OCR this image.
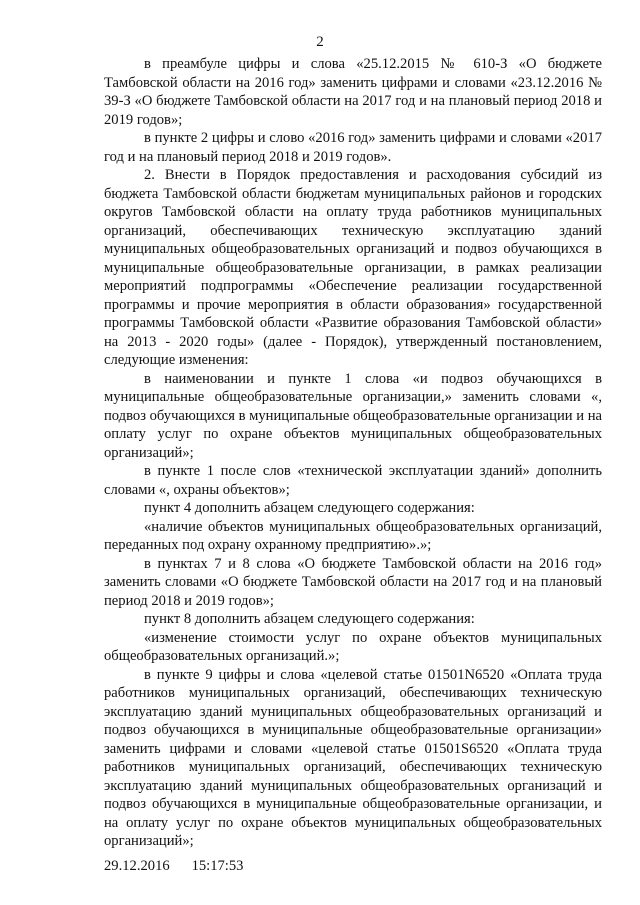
2

в преамбуле цифры и слова «25.12.2015 № 610-З «О бюджете Тамбовской области на 2016 год» заменить цифрами и словами «23.12.2016 № 39-З «О бюджете Тамбовской области на 2017 год и на плановый период 2018 и 2019 годов»;

в пункте 2 цифры и слово «2016 год» заменить цифрами и словами «2017 год и на плановый период 2018 и 2019 годов».

2. Внести в Порядок предоставления и расходования субсидий из бюджета Тамбовской области бюджетам муниципальных районов и городских округов Тамбовской области на оплату труда работников муниципальных организаций, обеспечивающих техническую эксплуатацию зданий муниципальных общеобразовательных организаций и подвоз обучающихся в муниципальные общеобразовательные организации, в рамках реализации мероприятий подпрограммы «Обеспечение реализации государственной программы и прочие мероприятия в области образования» государственной программы Тамбовской области «Развитие образования Тамбовской области» на 2013 - 2020 годы» (далее - Порядок), утвержденный постановлением, следующие изменения:

в наименовании и пункте 1 слова «и подвоз обучающихся в муниципальные общеобразовательные организации,» заменить словами «, подвоз обучающихся в муниципальные общеобразовательные организации и на оплату услуг по охране объектов муниципальных общеобразовательных организаций»;

в пункте 1 после слов «технической эксплуатации зданий» дополнить словами «, охраны объектов»;

пункт 4 дополнить абзацем следующего содержания:

«наличие объектов муниципальных общеобразовательных организаций, переданных под охрану охранному предприятию».»;

в пунктах 7 и 8 слова «О бюджете Тамбовской области на 2016 год» заменить словами «О бюджете Тамбовской области на 2017 год и на плановый период 2018 и 2019 годов»;

пункт 8 дополнить абзацем следующего содержания:

«изменение стоимости услуг по охране объектов муниципальных общеобразовательных организаций.»;

в пункте 9 цифры и слова «целевой статье 01501N6520 «Оплата труда работников муниципальных организаций, обеспечивающих техническую эксплуатацию зданий муниципальных общеобразовательных организаций и подвоз обучающихся в муниципальные общеобразовательные организации» заменить цифрами и словами «целевой статье 01501S6520 «Оплата труда работников муниципальных организаций, обеспечивающих техническую эксплуатацию зданий муниципальных общеобразовательных организаций и подвоз обучающихся в муниципальные общеобразовательные организации, и на оплату услуг по охране объектов муниципальных общеобразовательных организаций»;

29.12.2016 15:17:53
